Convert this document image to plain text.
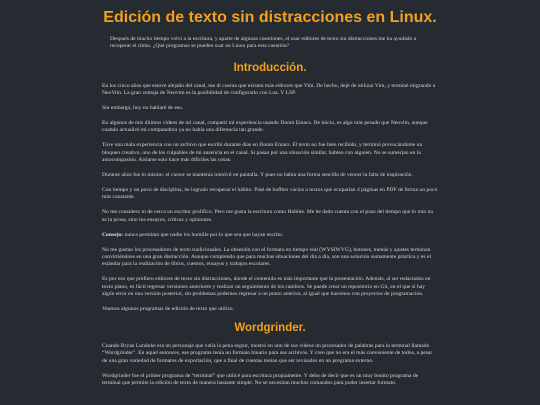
Edición de texto sin distracciones en Linux.

Después de mucho tiempo volví a la escritura, y aparte de algunas cuestiones, el usar editores de texto sin distracciones me ha ayudado a recuperar el ritmo. ¿Qué programas se pueden usar en Linux para esta cuestión?

Introducción.

En los cinco años que estuve alejado del canal, me di cuenta que existen más editores que Vim. De hecho, dejé de utilizar Vim, y terminé migrando a NeoVim. La gran ventaja de Neovim es la posibilidad de configurarlo con Lua. Y LSP.

Sin embargo, hoy no hablaré de eso.

En algunos de mis últimos videos de mi canal, compartí mi experiencia usando Doom Emacs. De inicio, es algo más pesado que Neovim, aunque cuando actualicé mi computadora ya no había una diferencia tan grande.

Tuve una mala experiencia con un archivo que escribí durante días en Doom Emacs. El texto no fue bien recibido, y terminó provocándome un bloqueo creativo, uno de los culpables de mi ausencia en el canal. Si pasan por una situación similar, hablen con alguien. No se sumerjan en la autocompasión. Aislarse solo hace más difíciles las cosas.

Durante años fue lo mismo: el cursor se mantenía inmóvil en pantalla. Y pues no había una forma sencilla de vencer la falta de inspiración.

Con tiempo y un poco de disciplina, he logrado recuperar el hábito. Pasé de buffers vacíos a textos que ocuparían 4 páginas en PDF de forma un poco más constante.

No me considero ni de cerca un escritor prolífico. Pero me gusta la escritura como Hobbie. Me he dado cuenta con el paso del tiempo que lo mío no es la prosa, sino los ensayos, críticas y opiniones.

Consejo: nunca permitan que nadie los humille por lo que sea que hayan escrito.

No me gustan los procesadores de texto tradicionales. La obsesión con el formato en tiempo real (WYSIWYG), botones, menús y ajustes terminan convirtiéndose en una gran distracción. Aunque comprendo que para muchas situaciones del día a día, son una solución sumamente práctica y es el estándar para la realización de libros, cuentos, ensayos y trabajos escolares.

Es por eso que prefiero editores de texto sin distracciones, donde el contenido es más importante que la presentación. Además, al ser redactados en texto plano, es fácil regresar versiones anteriores y realizar un seguimiento de los cambios. Se puede crear un repositorio en Git, en el que si hay algún error en una versión posterior, sin problemas podemos regresar a un punto anterior, al igual que hacemos con proyectos de programación.

Veamos algunos programas de edición de texto que utilizo.

Wordgrinder.

Cuando Bryan Lunduke era un personaje que valía la pena seguir, mostró en uno de sus videos un procesador de palabras para la terminal llamado “Wordgrinder”. En aquel entonces, ese programa tenía un formato binario para sus archivos. Y creo que no era el más conveniente de todos, a pesar de una gran variedad de formatos de exportación, que a final de cuentas tenían que ser revisados en un programa externo.

Wordgrinder fue el primer programa de “terminal” que utilicé para escritura propiamente. Y debo de decir que es un muy bonito programa de terminal que permite la edición de texto de manera bastante simple. No se necesitan muchos comandos para poder insertar formato.
